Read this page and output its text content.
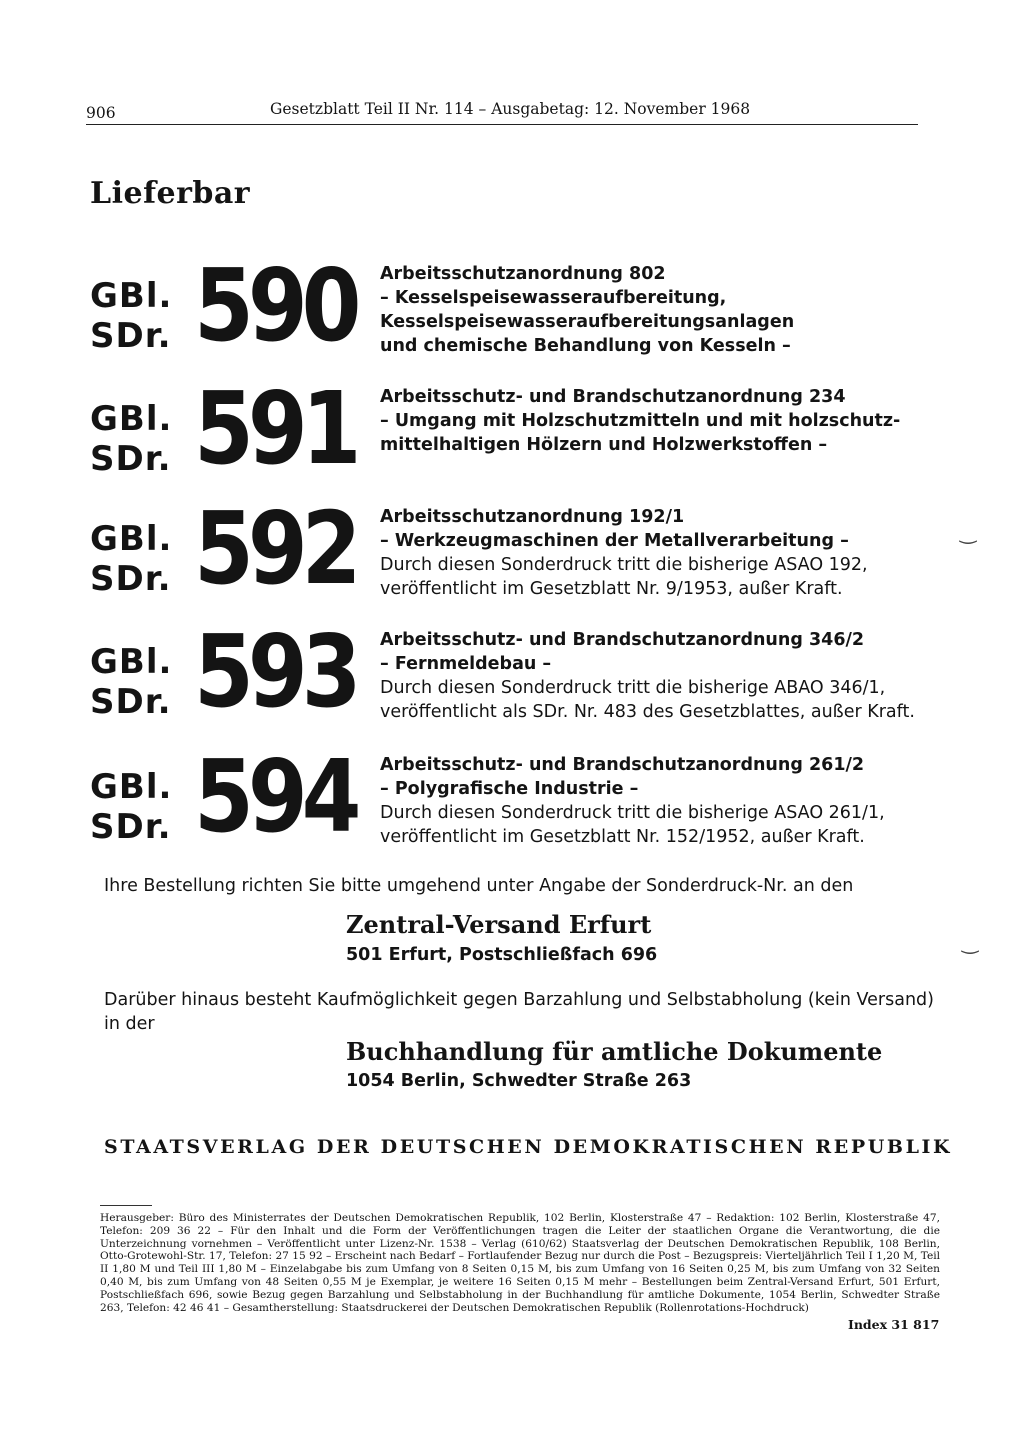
906	Gesetzblatt Teil II Nr. 114 – Ausgabetag: 12. November 1968
Lieferbar
GBl.
SDr. 590 Arbeitsschutzanordnung 802
– Kesselspeisewasseraufbereitung,
Kesselspeisewasseraufbereitungsanlagen
und chemische Behandlung von Kesseln –
GBl.
SDr. 591 Arbeitsschutz- und Brandschutzanordnung 234
– Umgang mit Holzschutzmitteln und mit holzschutz-
mittelhaltigen Hölzern und Holzwerkstoffen –
GBl.
SDr. 592 Arbeitsschutzanordnung 192/1
– Werkzeugmaschinen der Metallverarbeitung –
Durch diesen Sonderdruck tritt die bisherige ASAO 192,
veröffentlicht im Gesetzblatt Nr. 9/1953, außer Kraft.
GBl.
SDr. 593 Arbeitsschutz- und Brandschutzanordnung 346/2
– Fernmeldebau –
Durch diesen Sonderdruck tritt die bisherige ABAO 346/1,
veröffentlicht als SDr. Nr. 483 des Gesetzblattes, außer Kraft.
GBl.
SDr. 594 Arbeitsschutz- und Brandschutzanordnung 261/2
– Polygrafische Industrie –
Durch diesen Sonderdruck tritt die bisherige ASAO 261/1,
veröffentlicht im Gesetzblatt Nr. 152/1952, außer Kraft.
Ihre Bestellung richten Sie bitte umgehend unter Angabe der Sonderdruck-Nr. an den
Zentral-Versand Erfurt
501 Erfurt, Postschließfach 696
Darüber hinaus besteht Kaufmöglichkeit gegen Barzahlung und Selbstabholung (kein Versand) in der
Buchhandlung für amtliche Dokumente
1054 Berlin, Schwedter Straße 263
STAATSVERLAG DER DEUTSCHEN DEMOKRATISCHEN REPUBLIK
Herausgeber: Büro des Ministerrates der Deutschen Demokratischen Republik, 102 Berlin, Klosterstraße 47 – Redaktion: 102 Berlin, Klosterstraße 47, Telefon: 209 36 22 – Für den Inhalt und die Form der Veröffentlichungen tragen die Leiter der staatlichen Organe die Verantwortung, die die Unterzeichnung vornehmen – Veröffentlicht unter Lizenz-Nr. 1538 – Verlag (610/62) Staatsverlag der Deutschen Demokratischen Republik, 108 Berlin, Otto-Grotewohl-Str. 17, Telefon: 27 15 92 – Erscheint nach Bedarf – Fortlaufender Bezug nur durch die Post – Bezugspreis: Vierteljährlich Teil I 1,20 M, Teil II 1,80 M und Teil III 1,80 M – Einzelabgabe bis zum Umfang von 8 Seiten 0,15 M, bis zum Umfang von 16 Seiten 0,25 M, bis zum Umfang von 32 Seiten 0,40 M, bis zum Umfang von 48 Seiten 0,55 M je Exemplar, je weitere 16 Seiten 0,15 M mehr – Bestellungen beim Zentral-Versand Erfurt, 501 Erfurt, Postschließfach 696, sowie Bezug gegen Barzahlung und Selbstabholung in der Buchhandlung für amtliche Dokumente, 1054 Berlin, Schwedter Straße 263, Telefon: 42 46 41 – Gesamtherstellung: Staatsdruckerei der Deutschen Demokratischen Republik (Rollenrotations-Hochdruck)
Index 31 817
‿
‿
